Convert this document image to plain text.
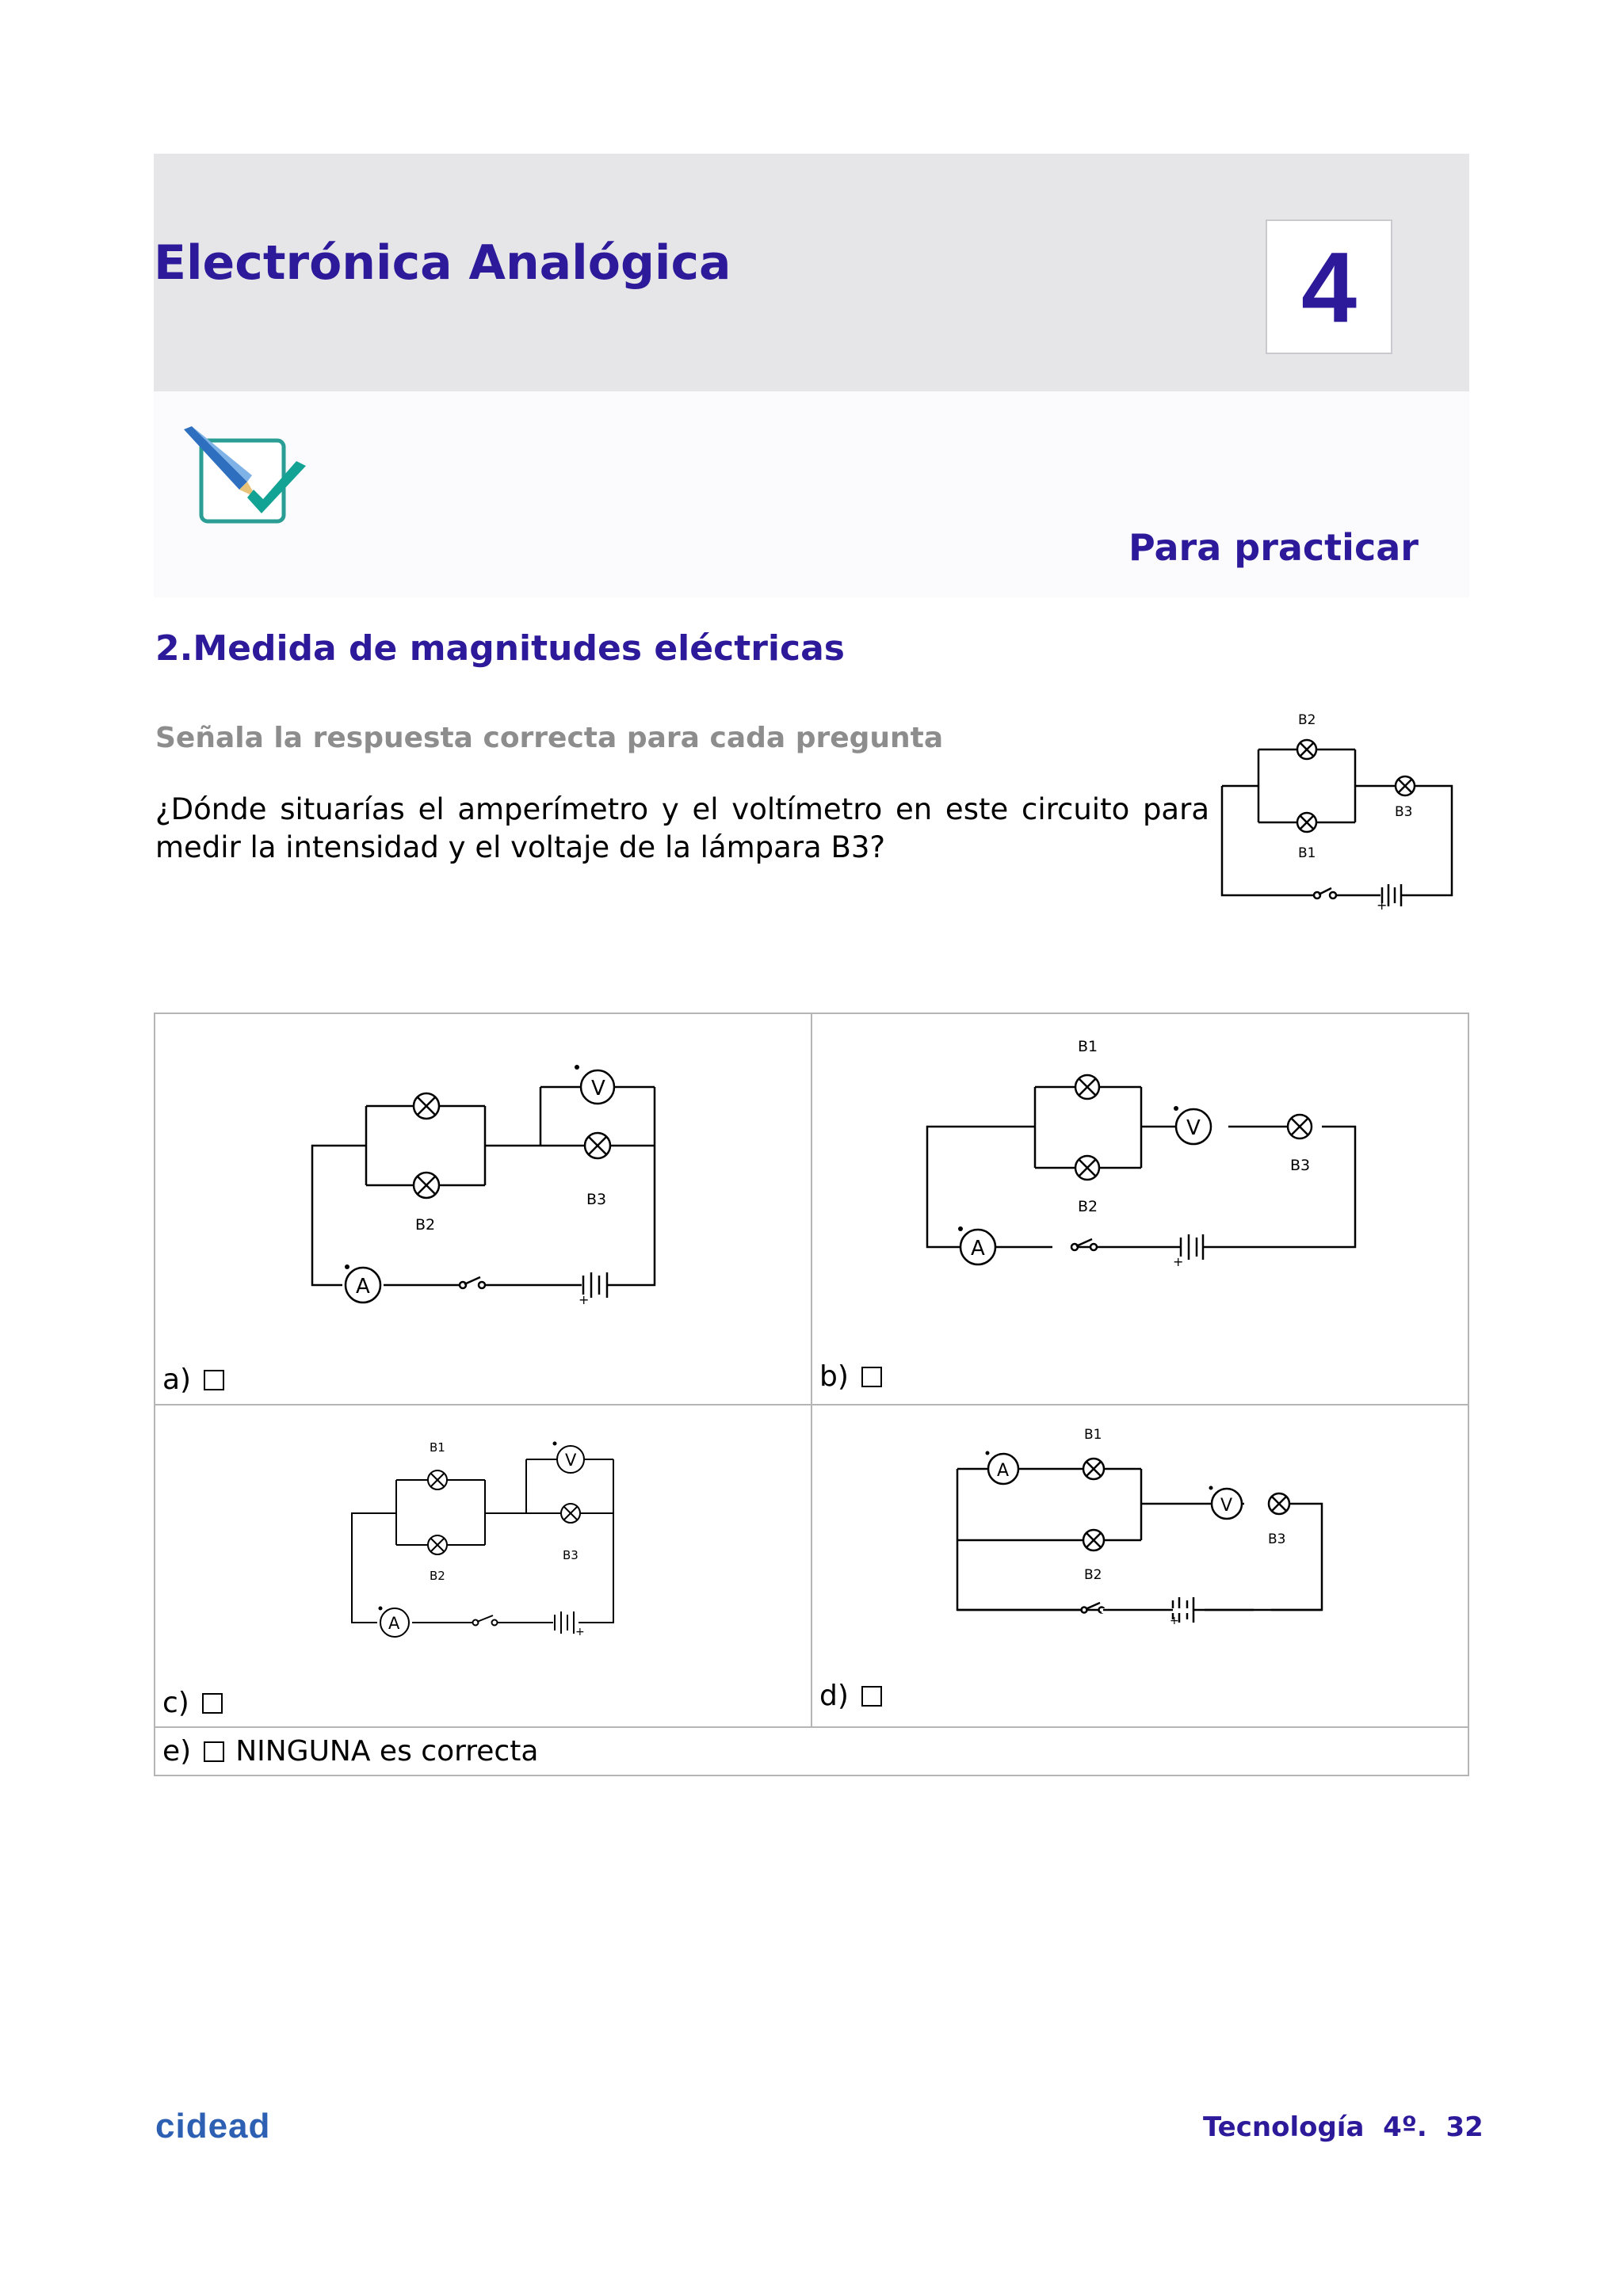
Electrónica Analógica	4
Para practicar
2.Medida de magnitudes eléctricas
Señala la respuesta correcta para cada pregunta
¿Dónde situarías el amperímetro y el voltímetro en este circuito para medir la intensidad y el voltaje de la lámpara B3?
+
B2
B1
B3
+
V
A
B2
B3
+
V
A
B1
B2
B3
+
V
A
B1
B2
B3
+
A
V
B1
B2
B3
a)	b)
c)	d)
e) NINGUNA es correcta
cidead	Tecnología  4º.  32
